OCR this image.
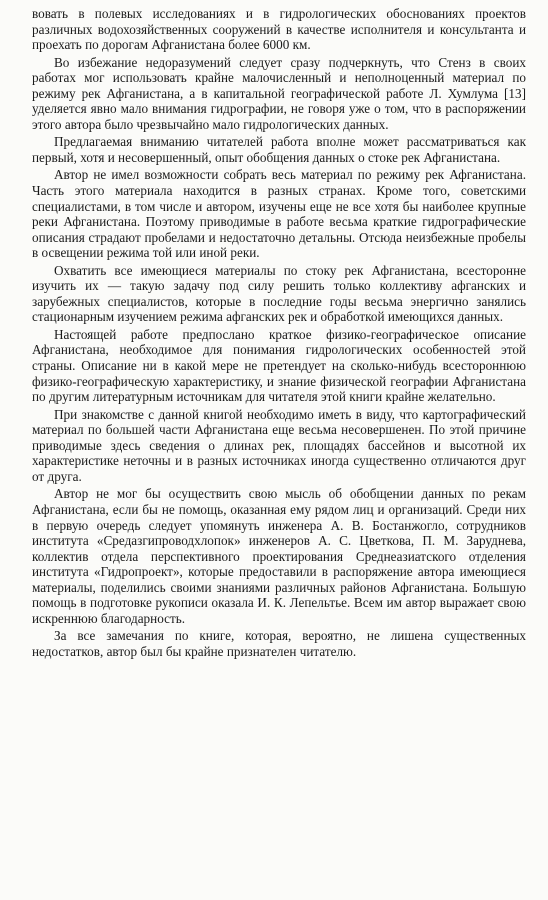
вовать в полевых исследованиях и в гидрологических обоснованиях проектов различных водохозяйственных сооружений в качестве исполнителя и консультанта и проехать по дорогам Афганистана более 6000 км.

Во избежание недоразумений следует сразу подчеркнуть, что Стенз в своих работах мог использовать крайне малочисленный и неполноценный материал по режиму рек Афганистана, а в капитальной географической работе Л. Хумлума [13] уделяется явно мало внимания гидрографии, не говоря уже о том, что в распоряжении этого автора было чрезвычайно мало гидрологических данных.

Предлагаемая вниманию читателей работа вполне может рассматриваться как первый, хотя и несовершенный, опыт обобщения данных о стоке рек Афганистана.

Автор не имел возможности собрать весь материал по режиму рек Афганистана. Часть этого материала находится в разных странах. Кроме того, советскими специалистами, в том числе и автором, изучены еще не все хотя бы наиболее крупные реки Афганистана. Поэтому приводимые в работе весьма краткие гидрографические описания страдают пробелами и недостаточно детальны. Отсюда неизбежные пробелы в освещении режима той или иной реки.

Охватить все имеющиеся материалы по стоку рек Афганистана, всесторонне изучить их — такую задачу под силу решить только коллективу афганских и зарубежных специалистов, которые в последние годы весьма энергично занялись стационарным изучением режима афганских рек и обработкой имеющихся данных.

Настоящей работе предпослано краткое физико-географическое описание Афганистана, необходимое для понимания гидрологических особенностей этой страны. Описание ни в какой мере не претендует на сколько-нибудь всестороннюю физико-географическую характеристику, и знание физической географии Афганистана по другим литературным источникам для читателя этой книги крайне желательно.

При знакомстве с данной книгой необходимо иметь в виду, что картографический материал по большей части Афганистана еще весьма несовершенен. По этой причине приводимые здесь сведения о длинах рек, площадях бассейнов и высотной их характеристике неточны и в разных источниках иногда существенно отличаются друг от друга.

Автор не мог бы осуществить свою мысль об обобщении данных по рекам Афганистана, если бы не помощь, оказанная ему рядом лиц и организаций. Среди них в первую очередь следует упомянуть инженера А. В. Бостанжогло, сотрудников института «Средазгипроводхлопок» инженеров А. С. Цветкова, П. М. Заруднева, коллектив отдела перспективного проектирования Среднеазиатского отделения института «Гидропроект», которые предоставили в распоряжение автора имеющиеся материалы, поделились своими знаниями различных районов Афганистана. Большую помощь в подготовке рукописи оказала И. К. Лепельтье. Всем им автор выражает свою искреннюю благодарность.

За все замечания по книге, которая, вероятно, не лишена существенных недостатков, автор был бы крайне признателен читателю.
